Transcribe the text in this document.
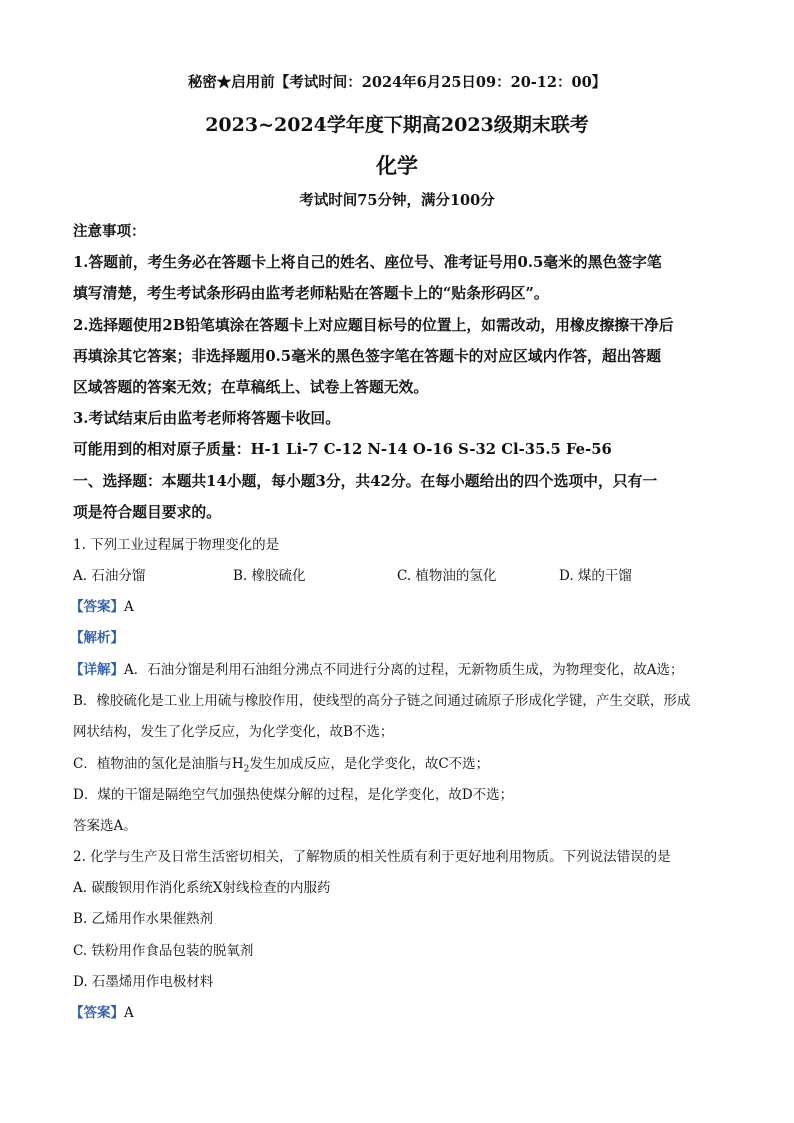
秘密★启用前【考试时间：2024年6月25日09：20-12：00】
2023~2024学年度下期高2023级期末联考
化学
考试时间75分钟，满分100分
注意事项：
1.答题前，考生务必在答题卡上将自己的姓名、座位号、准考证号用0.5毫米的黑色签字笔
填写清楚，考生考试条形码由监考老师粘贴在答题卡上的“贴条形码区”。
2.选择题使用2B铅笔填涂在答题卡上对应题目标号的位置上，如需改动，用橡皮擦擦干净后
再填涂其它答案；非选择题用0.5毫米的黑色签字笔在答题卡的对应区域内作答，超出答题
区域答题的答案无效；在草稿纸上、试卷上答题无效。
3.考试结束后由监考老师将答题卡收回。
可能用到的相对原子质量：H-1 Li-7 C-12 N-14 O-16 S-32 Cl-35.5 Fe-56
一、选择题：本题共14小题，每小题3分，共42分。在每小题给出的四个选项中，只有一
项是符合题目要求的。
1. 下列工业过程属于物理变化的是
A. 石油分馏	B. 橡胶硫化	C. 植物油的氢化	D. 煤的干馏
【答案】A
【解析】
【详解】A．石油分馏是利用石油组分沸点不同进行分离的过程，无新物质生成，为物理变化，故A选；
B．橡胶硫化是工业上用硫与橡胶作用，使线型的高分子链之间通过硫原子形成化学键，产生交联，形成
网状结构，发生了化学反应，为化学变化，故B不选；
C．植物油的氢化是油脂与$H_2$发生加成反应，是化学变化，故C不选；
D．煤的干馏是隔绝空气加强热使煤分解的过程，是化学变化，故D不选；
答案选A。
2. 化学与生产及日常生活密切相关，了解物质的相关性质有利于更好地利用物质。下列说法错误的是
A. 碳酸钡用作消化系统X射线检查的内服药
B. 乙烯用作水果催熟剂
C. 铁粉用作食品包装的脱氧剂
D. 石墨烯用作电极材料
【答案】A
